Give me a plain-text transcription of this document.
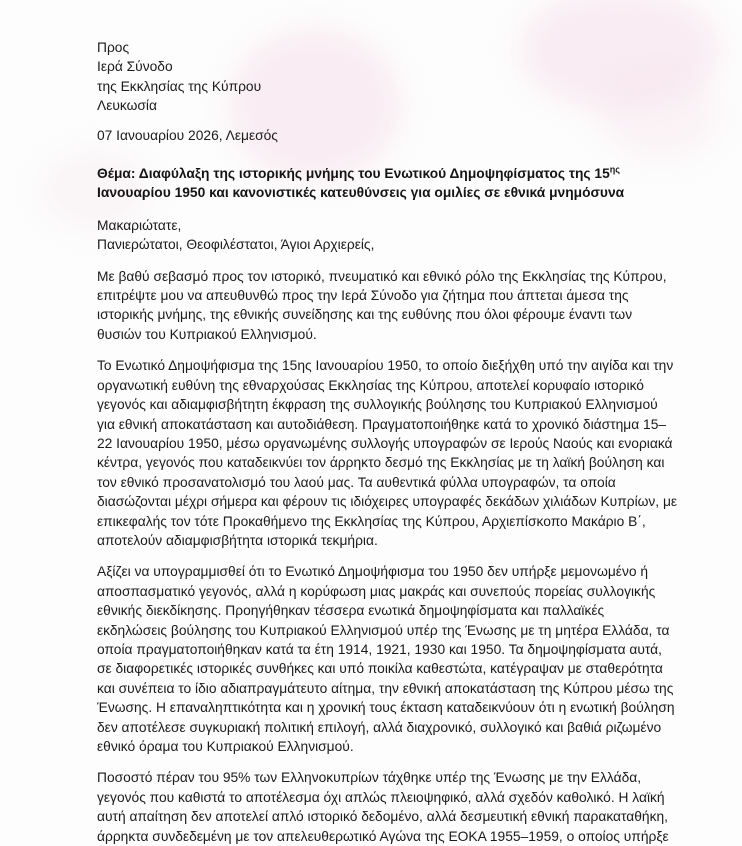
Προς

Ιερά Σύνοδο

της Εκκλησίας της Κύπρου

Λευκωσία

07 Ιανουαρίου 2026, Λεμεσός

Θέμα: Διαφύλαξη της ιστορικής μνήμης του Ενωτικού Δημοψηφίσματος της $15^{\eta\varsigma}$ Ιανουαρίου 1950 και κανονιστικές κατευθύνσεις για ομιλίες σε εθνικά μνημόσυνα

Μακαριώτατε,

Πανιερώτατοι, Θεοφιλέστατοι, Άγιοι Αρχιερείς,

Με βαθύ σεβασμό προς τον ιστορικό, πνευματικό και εθνικό ρόλο της Εκκλησίας της Κύπρου, επιτρέψτε μου να απευθυνθώ προς την Ιερά Σύνοδο για ζήτημα που άπτεται άμεσα της ιστορικής μνήμης, της εθνικής συνείδησης και της ευθύνης που όλοι φέρουμε έναντι των θυσιών του Κυπριακού Ελληνισμού.

Το Ενωτικό Δημοψήφισμα της 15ης Ιανουαρίου 1950, το οποίο διεξήχθη υπό την αιγίδα και την οργανωτική ευθύνη της εθναρχούσας Εκκλησίας της Κύπρου, αποτελεί κορυφαίο ιστορικό γεγονός και αδιαμφισβήτητη έκφραση της συλλογικής βούλησης του Κυπριακού Ελληνισμού για εθνική αποκατάσταση και αυτοδιάθεση. Πραγματοποιήθηκε κατά το χρονικό διάστημα 15–22 Ιανουαρίου 1950, μέσω οργανωμένης συλλογής υπογραφών σε Ιερούς Ναούς και ενοριακά κέντρα, γεγονός που καταδεικνύει τον άρρηκτο δεσμό της Εκκλησίας με τη λαϊκή βούληση και τον εθνικό προσανατολισμό του λαού μας. Τα αυθεντικά φύλλα υπογραφών, τα οποία διασώζονται μέχρι σήμερα και φέρουν τις ιδιόχειρες υπογραφές δεκάδων χιλιάδων Κυπρίων, με επικεφαλής τον τότε Προκαθήμενο της Εκκλησίας της Κύπρου, Αρχιεπίσκοπο Μακάριο Β΄, αποτελούν αδιαμφισβήτητα ιστορικά τεκμήρια.

Αξίζει να υπογραμμισθεί ότι το Ενωτικό Δημοψήφισμα του 1950 δεν υπήρξε μεμονωμένο ή αποσπασματικό γεγονός, αλλά η κορύφωση μιας μακράς και συνεπούς πορείας συλλογικής εθνικής διεκδίκησης. Προηγήθηκαν τέσσερα ενωτικά δημοψηφίσματα και παλλαϊκές εκδηλώσεις βούλησης του Κυπριακού Ελληνισμού υπέρ της Ένωσης με τη μητέρα Ελλάδα, τα οποία πραγματοποιήθηκαν κατά τα έτη 1914, 1921, 1930 και 1950. Τα δημοψηφίσματα αυτά, σε διαφορετικές ιστορικές συνθήκες και υπό ποικίλα καθεστώτα, κατέγραψαν με σταθερότητα και συνέπεια το ίδιο αδιαπραγμάτευτο αίτημα, την εθνική αποκατάσταση της Κύπρου μέσω της Ένωσης. Η επαναληπτικότητα και η χρονική τους έκταση καταδεικνύουν ότι η ενωτική βούληση δεν αποτέλεσε συγκυριακή πολιτική επιλογή, αλλά διαχρονικό, συλλογικό και βαθιά ριζωμένο εθνικό όραμα του Κυπριακού Ελληνισμού.

Ποσοστό πέραν του 95% των Ελληνοκυπρίων τάχθηκε υπέρ της Ένωσης με την Ελλάδα, γεγονός που καθιστά το αποτέλεσμα όχι απλώς πλειοψηφικό, αλλά σχεδόν καθολικό. Η λαϊκή αυτή απαίτηση δεν αποτελεί απλό ιστορικό δεδομένο, αλλά δεσμευτική εθνική παρακαταθήκη, άρρηκτα συνδεδεμένη με τον απελευθερωτικό Αγώνα της ΕΟΚΑ 1955–1959, ο οποίος υπήρξε
